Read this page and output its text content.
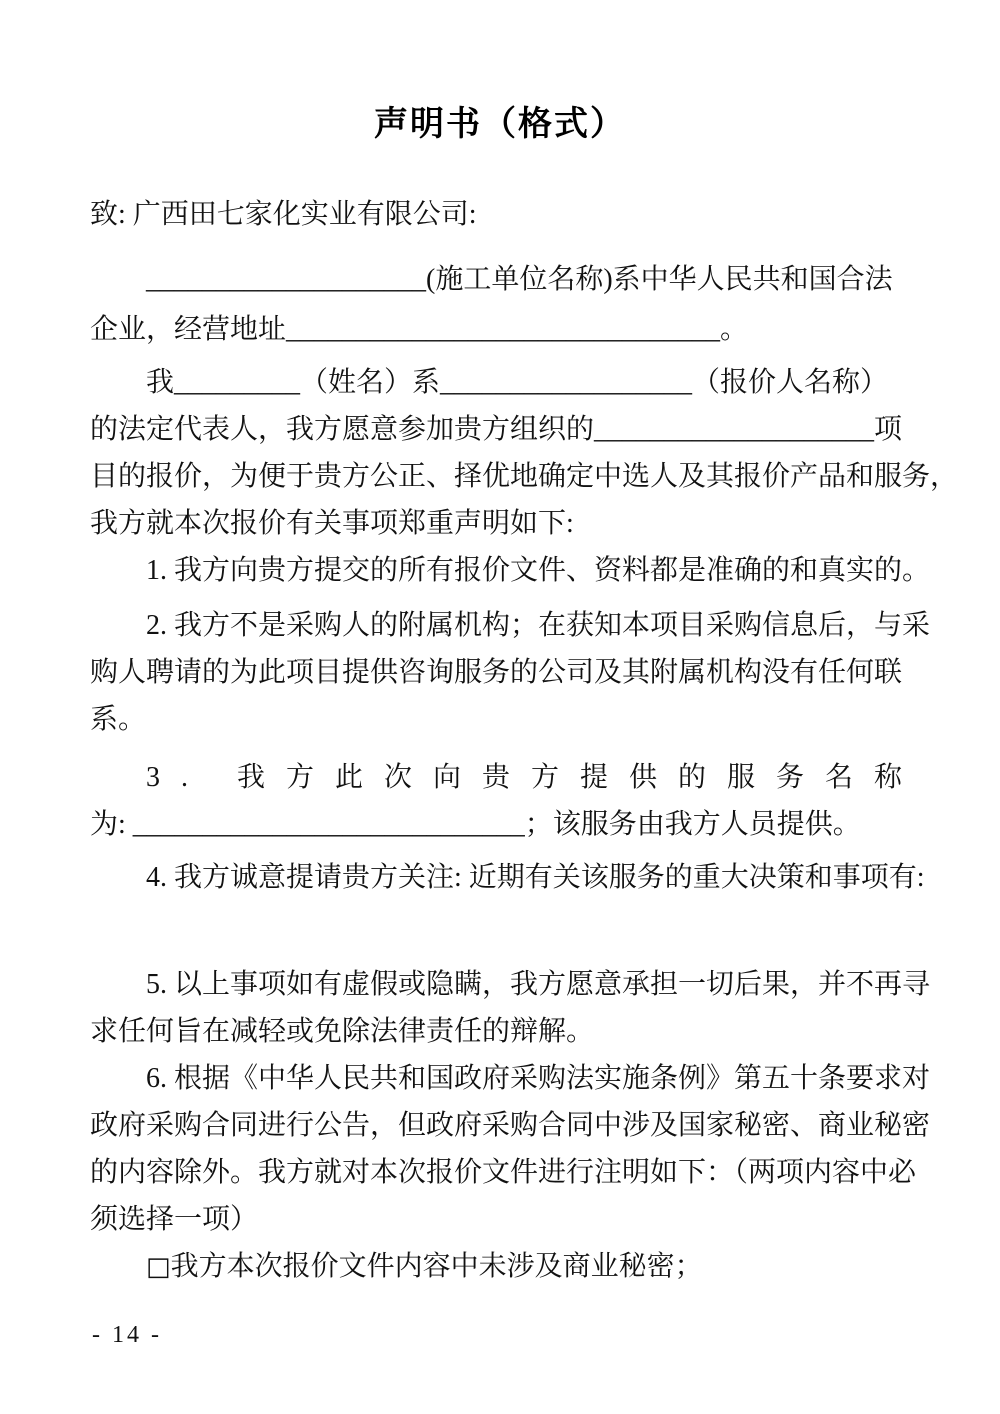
声明书（格式）
致: 广西田七家化实业有限公司:
____________________(施工单位名称)系中华人民共和国合法
企业，经营地址_______________________________。
我_________（姓名）系__________________（报价人名称）
的法定代表人，我方愿意参加贵方组织的____________________项
目的报价，为便于贵方公正、择优地确定中选人及其报价产品和服务，
我方就本次报价有关事项郑重声明如下:
1. 我方向贵方提交的所有报价文件、资料都是准确的和真实的。
2. 我方不是采购人的附属机构；在获知本项目采购信息后，与采
购人聘请的为此项目提供咨询服务的公司及其附属机构没有任何联
系。
3. 我方此次向贵方提供的服务名称
为: ____________________________；该服务由我方人员提供。
4. 我方诚意提请贵方关注: 近期有关该服务的重大决策和事项有:
5. 以上事项如有虚假或隐瞒，我方愿意承担一切后果，并不再寻
求任何旨在减轻或免除法律责任的辩解。
6. 根据《中华人民共和国政府采购法实施条例》第五十条要求对
政府采购合同进行公告，但政府采购合同中涉及国家秘密、商业秘密
的内容除外。我方就对本次报价文件进行注明如下：（两项内容中必
须选择一项）
□我方本次报价文件内容中未涉及商业秘密；
- 14 -
